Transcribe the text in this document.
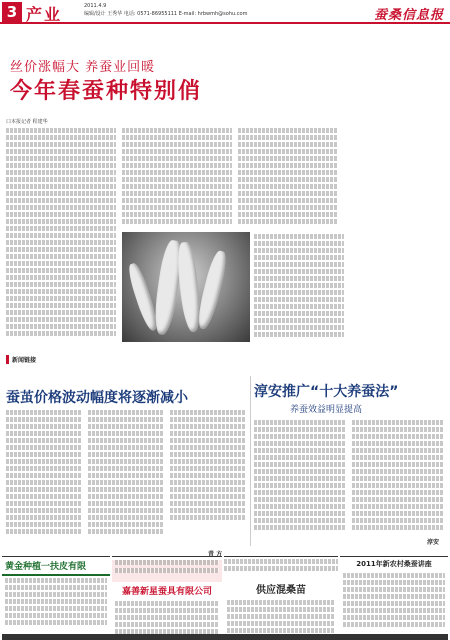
3 产业	2011.4.9
编辑/设计 王秀华 电话: 0571-86955111 E-mail: hrbwmh@sohu.com	蚕桑信息报
丝价涨幅大 养蚕业回暖
今年春蚕种特别俏
口本报记者 程建华
淳安推广“十大养蚕法”
养蚕效益明显提高
淳安
新闻链接
蚕茧价格波动幅度将逐渐减小
青 方
黄金种植一扶皮有限
嘉善新星蚕具有限公司	供应混桑苗
2011年新农村桑蚕讲座
